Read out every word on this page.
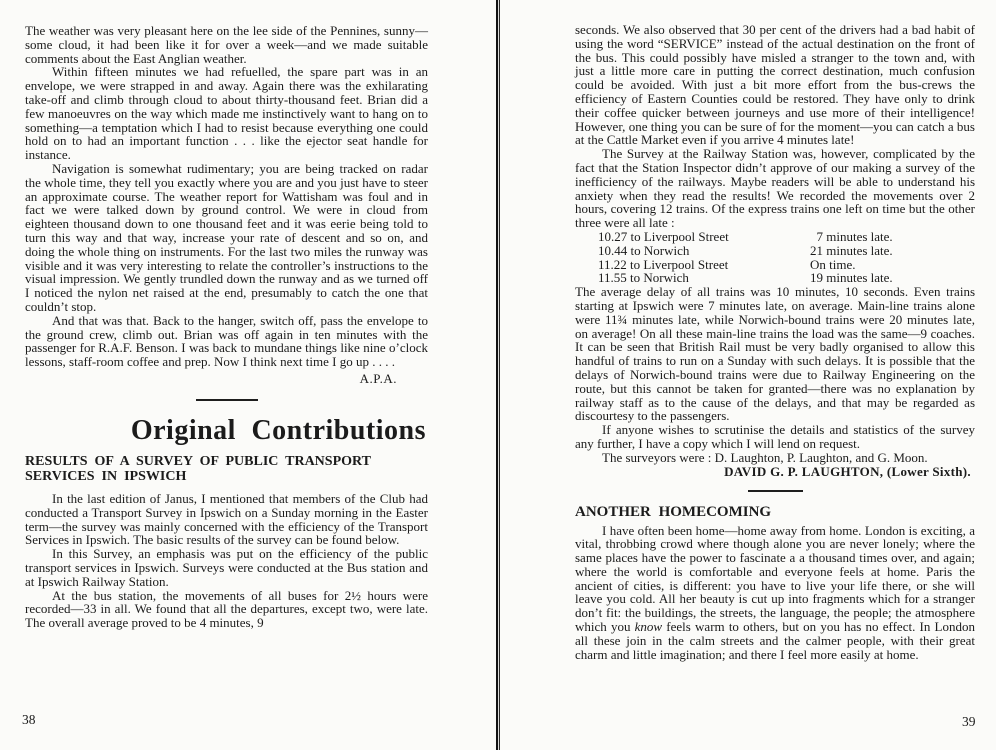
The weather was very pleasant here on the lee side of the Pennines, sunny—some cloud, it had been like it for over a week—and we made suitable comments about the East Anglian weather.

Within fifteen minutes we had refuelled, the spare part was in an envelope, we were strapped in and away. Again there was the exhilarating take-off and climb through cloud to about thirty-thousand feet. Brian did a few manoeuvres on the way which made me instinctively want to hang on to something—a temptation which I had to resist because everything one could hold on to had an important function . . . like the ejector seat handle for instance.

Navigation is somewhat rudimentary; you are being tracked on radar the whole time, they tell you exactly where you are and you just have to steer an approximate course. The weather report for Wattisham was foul and in fact we were talked down by ground control. We were in cloud from eighteen thousand down to one thousand feet and it was eerie being told to turn this way and that way, increase your rate of descent and so on, and doing the whole thing on instruments. For the last two miles the runway was visible and it was very interesting to relate the controller’s instructions to the visual impression. We gently trundled down the runway and as we turned off I noticed the nylon net raised at the end, presumably to catch the one that couldn’t stop.

And that was that. Back to the hanger, switch off, pass the envelope to the ground crew, climb out. Brian was off again in ten minutes with the passenger for R.A.F. Benson. I was back to mundane things like nine o’clock lessons, staff-room coffee and prep. Now I think next time I go up . . . .

A.P.A.
Original Contributions
RESULTS OF A SURVEY OF PUBLIC TRANSPORT SERVICES IN IPSWICH

In the last edition of Janus, I mentioned that members of the Club had conducted a Transport Survey in Ipswich on a Sunday morning in the Easter term—the survey was mainly concerned with the efficiency of the Transport Services in Ipswich. The basic results of the survey can be found below.

In this Survey, an emphasis was put on the efficiency of the public transport services in Ipswich. Surveys were conducted at the Bus station and at Ipswich Railway Station.

At the bus station, the movements of all buses for 2½ hours were recorded—33 in all. We found that all the departures, except two, were late. The overall average proved to be 4 minutes, 9

seconds. We also observed that 30 per cent of the drivers had a bad habit of using the word “SERVICE” instead of the actual destination on the front of the bus. This could possibly have misled a stranger to the town and, with just a little more care in putting the correct destination, much confusion could be avoided. With just a bit more effort from the bus-crews the efficiency of Eastern Counties could be restored. They have only to drink their coffee quicker between journeys and use more of their intelligence! However, one thing you can be sure of for the moment—you can catch a bus at the Cattle Market even if you arrive 4 minutes late!

The Survey at the Railway Station was, however, complicated by the fact that the Station Inspector didn’t approve of our making a survey of the inefficiency of the railways. Maybe readers will be able to understand his anxiety when they read the results! We recorded the movements over 2 hours, covering 12 trains. Of the express trains one left on time but the other three were all late :

10.27 to Liverpool Street	 7 minutes late.
10.44 to Norwich	21 minutes late.
11.22 to Liverpool Street	On time.
11.55 to Norwich	19 minutes late.

The average delay of all trains was 10 minutes, 10 seconds. Even trains starting at Ipswich were 7 minutes late, on average. Main-line trains alone were 11¾ minutes late, while Norwich-bound trains were 20 minutes late, on average! On all these main-line trains the load was the same—9 coaches. It can be seen that British Rail must be very badly organised to allow this handful of trains to run on a Sunday with such delays. It is possible that the delays of Norwich-bound trains were due to Railway Engineering on the route, but this cannot be taken for granted—there was no explanation by railway staff as to the cause of the delays, and that may be regarded as discourtesy to the passengers.

If anyone wishes to scrutinise the details and statistics of the survey any further, I have a copy which I will lend on request.

The surveyors were : D. Laughton, P. Laughton, and G. Moon.

DAVID G. P. LAUGHTON, (Lower Sixth).
ANOTHER HOMECOMING

I have often been home—home away from home. London is exciting, a vital, throbbing crowd where though alone you are never lonely; where the same places have the power to fascinate a a thousand times over, and again; where the world is comfortable and everyone feels at home. Paris the ancient of cities, is different: you have to live your life there, or she will leave you cold. All her beauty is cut up into fragments which for a stranger don’t fit: the buildings, the streets, the language, the people; the atmosphere which you know feels warm to others, but on you has no effect. In London all these join in the calm streets and the calmer people, with their great charm and little imagination; and there I feel more easily at home.

38	39
